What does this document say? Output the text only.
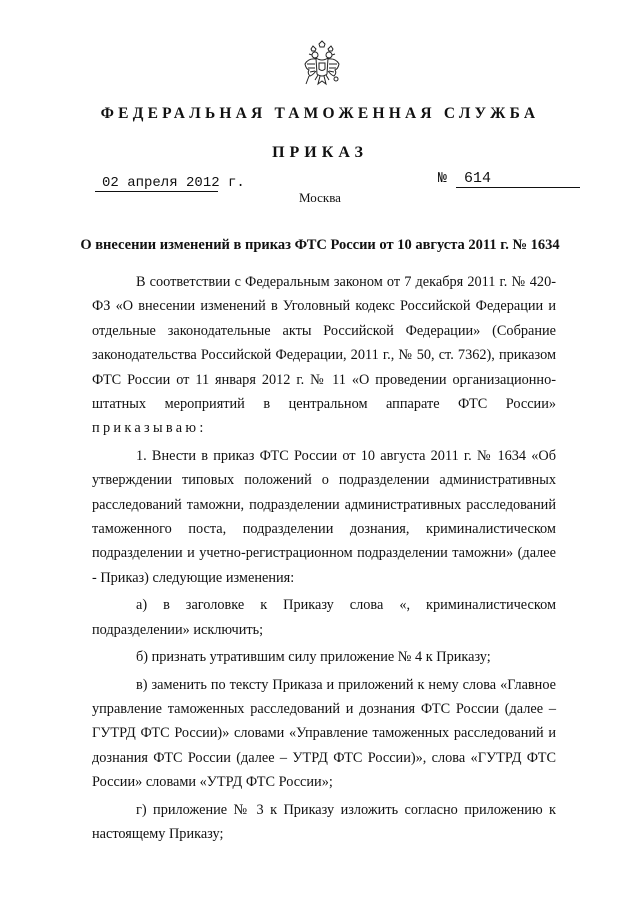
ФЕДЕРАЛЬНАЯ ТАМОЖЕННАЯ СЛУЖБА
ПРИКАЗ
02 апреля 2012 г.	№ 614
Москва
О внесении изменений в приказ ФТС России от 10 августа 2011 г. № 1634

В соответствии с Федеральным законом от 7 декабря 2011 г. № 420-ФЗ «О внесении изменений в Уголовный кодекс Российской Федерации и отдельные законодательные акты Российской Федерации» (Собрание законодательства Российской Федерации, 2011 г., № 50, ст. 7362), приказом ФТС России от 11 января 2012 г. № 11 «О проведении организационно-штатных мероприятий в центральном аппарате ФТС России» приказываю:

1. Внести в приказ ФТС России от 10 августа 2011 г. № 1634 «Об утверждении типовых положений о подразделении административных расследований таможни, подразделении административных расследований таможенного поста, подразделении дознания, криминалистическом подразделении и учетно-регистрационном подразделении таможни» (далее - Приказ) следующие изменения:

а) в заголовке к Приказу слова «, криминалистическом подразделении» исключить;

б) признать утратившим силу приложение № 4 к Приказу;

в) заменить по тексту Приказа и приложений к нему слова «Главное управление таможенных расследований и дознания ФТС России (далее – ГУТРД ФТС России)» словами «Управление таможенных расследований и дознания ФТС России (далее – УТРД ФТС России)», слова «ГУТРД ФТС России» словами «УТРД ФТС России»;

г) приложение № 3 к Приказу изложить согласно приложению к настоящему Приказу;
